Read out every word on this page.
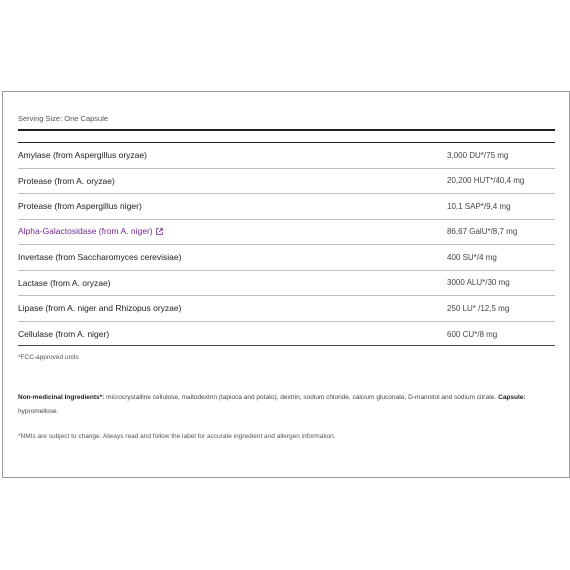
Serving Size: One Capsule
Amylase (from Aspergillus oryzae)	3,000 DU*/75 mg
Protease (from A. oryzae)	20,200 HUT*/40,4 mg
Protease (from Aspergillus niger)	10,1 SAP*/9,4 mg
Alpha-Galactosidase (from A. niger)	86,67 GalU*/8,7 mg
Invertase (from Saccharomyces cerevisiae)	400 SU*/4 mg
Lactase (from A. oryzae)	3000 ALU*/30 mg
Lipase (from A. niger and Rhizopus oryzae)	250 LU* /12,5 mg
Cellulase (from A. niger)	600 CU*/8 mg
*FCC-approved units
Non-medicinal Ingredients*: microcrystalline cellulose, maltodextrin (tapioca and potato), dextrin, sodium chloride, calcium gluconate, D-mannitol and sodium citrate. Capsule: hypromellose.
*NMIs are subject to change. Always read and follow the label for accurate ingredient and allergen information.
